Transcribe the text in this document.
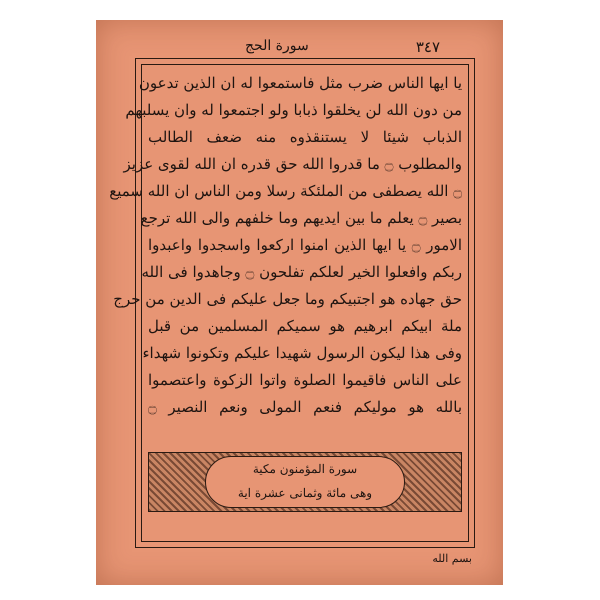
٣٤٧
سورة الحج
يا ايها الناس ضرب مثل فاستمعوا له ان الذين تدعون
من دون الله لن يخلقوا ذبابا ولو اجتمعوا له وان يسلبهم
الذباب شيئا لا يستنقذوه منه ضعف الطالب
والمطلوب ۝ ما قدروا الله حق قدره ان الله لقوى عزيز
۝ الله يصطفى من الملئكة رسلا ومن الناس ان الله سميع
بصير ۝ يعلم ما بين ايديهم وما خلفهم والى الله ترجع
الامور ۝ يا ايها الذين امنوا اركعوا واسجدوا واعبدوا
ربكم وافعلوا الخير لعلكم تفلحون ۝ وجاهدوا فى الله
حق جهاده هو اجتبيكم وما جعل عليكم فى الدين من حرج
ملة ابيكم ابرهيم هو سميكم المسلمين من قبل
وفى هذا ليكون الرسول شهيدا عليكم وتكونوا شهداء
على الناس فاقيموا الصلوة واتوا الزكوة واعتصموا
بالله هو موليكم فنعم المولى ونعم النصير ۝
سورة المؤمنون مكية
وهى مائة وثمانى عشرة اية
بسم الله
